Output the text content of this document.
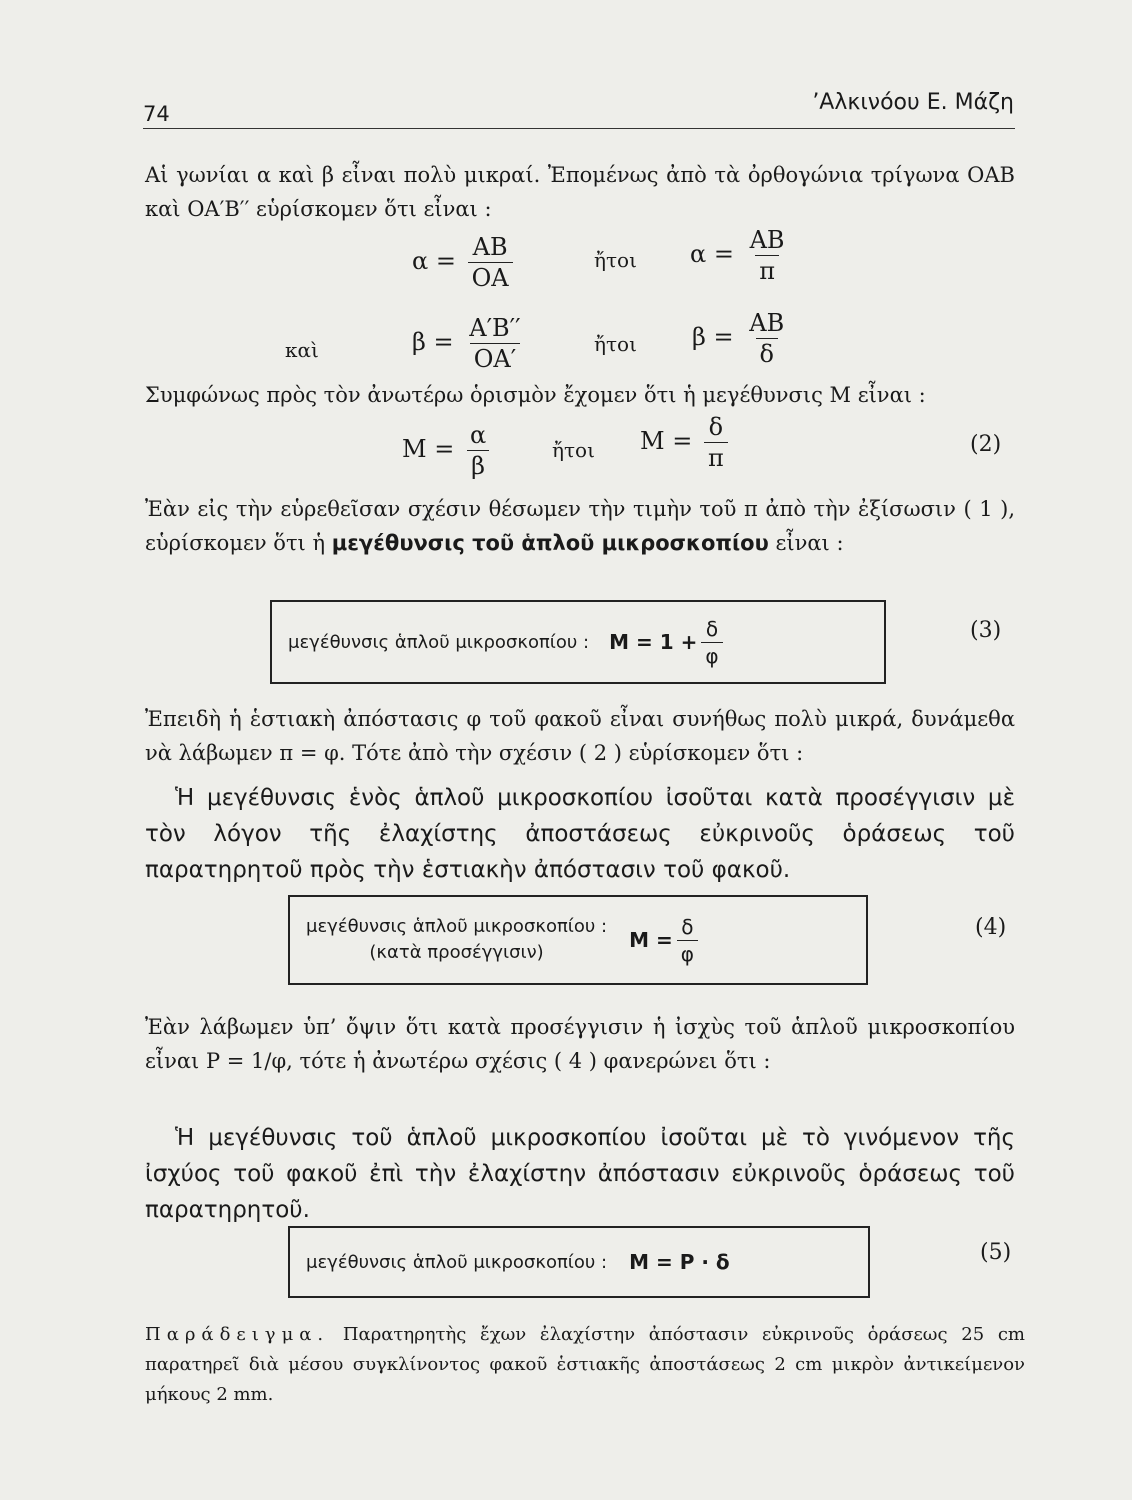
74	’Αλκινόου Ε. Μάζη
Αἱ γωνίαι α καὶ β εἶναι πολὺ μικραί. Ἐπομένως ἀπὸ τὰ ὀρθογώνια τρίγωνα ΟΑΒ καὶ ΟΑ′Β′′ εὑρίσκομεν ὅτι εἶναι :
$\alpha = \frac{AB}{OA}$	ἤτοι $\alpha = \frac{AB}{\pi}$
καὶ	$\beta = \frac{A'B''}{OA'}$	ἤτοι $\beta = \frac{AB}{\delta}$
Συμφώνως πρὸς τὸν ἀνωτέρω ὁρισμὸν ἔχομεν ὅτι ἡ μεγέθυνσις Μ εἶναι :
$M = \frac{\alpha}{\beta}$	ἤτοι $M = \frac{\delta}{\pi}$	(2)
Ἐὰν εἰς τὴν εὑρεθεῖσαν σχέσιν θέσωμεν τὴν τιμὴν τοῦ π ἀπὸ τὴν ἐξίσωσιν ( 1 ), εὑρίσκομεν ὅτι ἡ μεγέθυνσις τοῦ ἁπλοῦ μικροσκοπίου εἶναι :
μεγέθυνσις ἁπλοῦ μικροσκοπίου : $M = 1 + \frac{\delta}{\varphi}$	(3)
Ἐπειδὴ ἡ ἑστιακὴ ἀπόστασις φ τοῦ φακοῦ εἶναι συνήθως πολὺ μικρά, δυνάμεθα νὰ λάβωμεν π = φ. Τότε ἀπὸ τὴν σχέσιν ( 2 ) εὑρίσκομεν ὅτι :
Ἡ μεγέθυνσις ἑνὸς ἁπλοῦ μικροσκοπίου ἰσοῦται κατὰ προσέγγισιν μὲ τὸν λόγον τῆς ἐλαχίστης ἀποστάσεως εὐκρινοῦς ὁράσεως τοῦ παρατηρητοῦ πρὸς τὴν ἑστιακὴν ἀπόστασιν τοῦ φακοῦ.
μεγέθυνσις ἁπλοῦ μικροσκοπίου :
(κατὰ προσέγγισιν)
$M = \frac{\delta}{\varphi}$	(4)
Ἐὰν λάβωμεν ὑπ’ ὄψιν ὅτι κατὰ προσέγγισιν ἡ ἰσχὺς τοῦ ἁπλοῦ μικροσκοπίου εἶναι Ρ = 1/φ, τότε ἡ ἀνωτέρω σχέσις ( 4 ) φανερώνει ὅτι :
Ἡ μεγέθυνσις τοῦ ἁπλοῦ μικροσκοπίου ἰσοῦται μὲ τὸ γινόμενον τῆς ἰσχύος τοῦ φακοῦ ἐπὶ τὴν ἐλαχίστην ἀπόστασιν εὐκρινοῦς ὁράσεως τοῦ παρατηρητοῦ.
μεγέθυνσις ἁπλοῦ μικροσκοπίου : Μ = Ρ · δ	(5)
Παράδειγμα. Παρατηρητὴς ἔχων ἐλαχίστην ἀπόστασιν εὐκρινοῦς ὁράσεως 25 cm παρατηρεῖ διὰ μέσου συγκλίνοντος φακοῦ ἑστιακῆς ἀποστάσεως 2 cm μικρὸν ἀντικείμενον μήκους 2 mm.
